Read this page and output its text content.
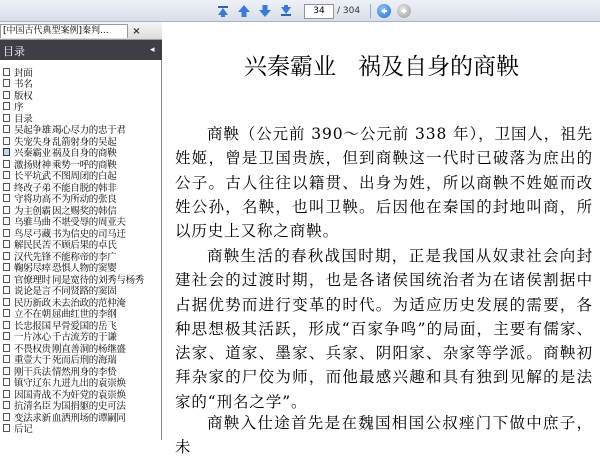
34
/ 304
[中国古代典型案例]秦判...	×
目录	◂
封面
书名
版权
序
目录
吴起争雄 竭心尽力的忠于君
失宠失身 乱箭射身的吴起
兴秦霸业 祸及自身的商鞅
激扬财神 乘势一呼的商鞅
长平坑武 不图周闭的白起
终改子弟 不能自脱的韩非
守将功高 不为所动的张良
为主创霸 因之赐奖的韩信
乌骓马曲 不堪受辱的周亚夫
鸟尽弓藏 书为信史的司马迁
解民民苦 不顾后果的卓氏
汉代先锋 不能称帝的李广
鞠躬尽瘁 恐惧人物的窦婴
官僚理时 同是宽待的刘秀与杨秀
说论是言 不同贤路的窦固
民历新政 未去治政的范仲淹
立不在朝 屈曲红世的李纲
长忠报国 早骨爱国的岳飞
一片冰心 千古流芳的于谦
不畏权贵 刚直善洞的杨继盛
重壹大于 死而后刑的海瑞
刚干兵法 情然刑身的李贽
镇守辽东 九进九出的袁崇焕
因国青战 不为奸党的袁崇焕
抗清名臣 为国捐躯的史可法
变法求新 血洒刑场的谭嗣同
后记
兴秦霸业 祸及自身的商鞅
商鞅（公元前 390～公元前 338 年），卫国人，祖先姓姬，曾是卫国贵族，但到商鞅这一代时已破落为庶出的公子。古人往往以籍贯、出身为姓，所以商鞅不姓姬而改姓公孙，名鞅，也叫卫鞅。后因他在秦国的封地叫商，所以历史上又称之商鞅。
商鞅生活的春秋战国时期，正是我国从奴隶社会向封建社会的过渡时期，也是各诸侯国统治者为在诸侯割据中占据优势而进行变革的时代。为适应历史发展的需要，各种思想极其活跃，形成“百家争鸣”的局面，主要有儒家、法家、道家、墨家、兵家、阴阳家、杂家等学派。商鞅初拜杂家的尸佼为师，而他最感兴趣和具有独到见解的是法家的“刑名之学”。
商鞅入仕途首先是在魏国相国公叔痤门下做中庶子，未
